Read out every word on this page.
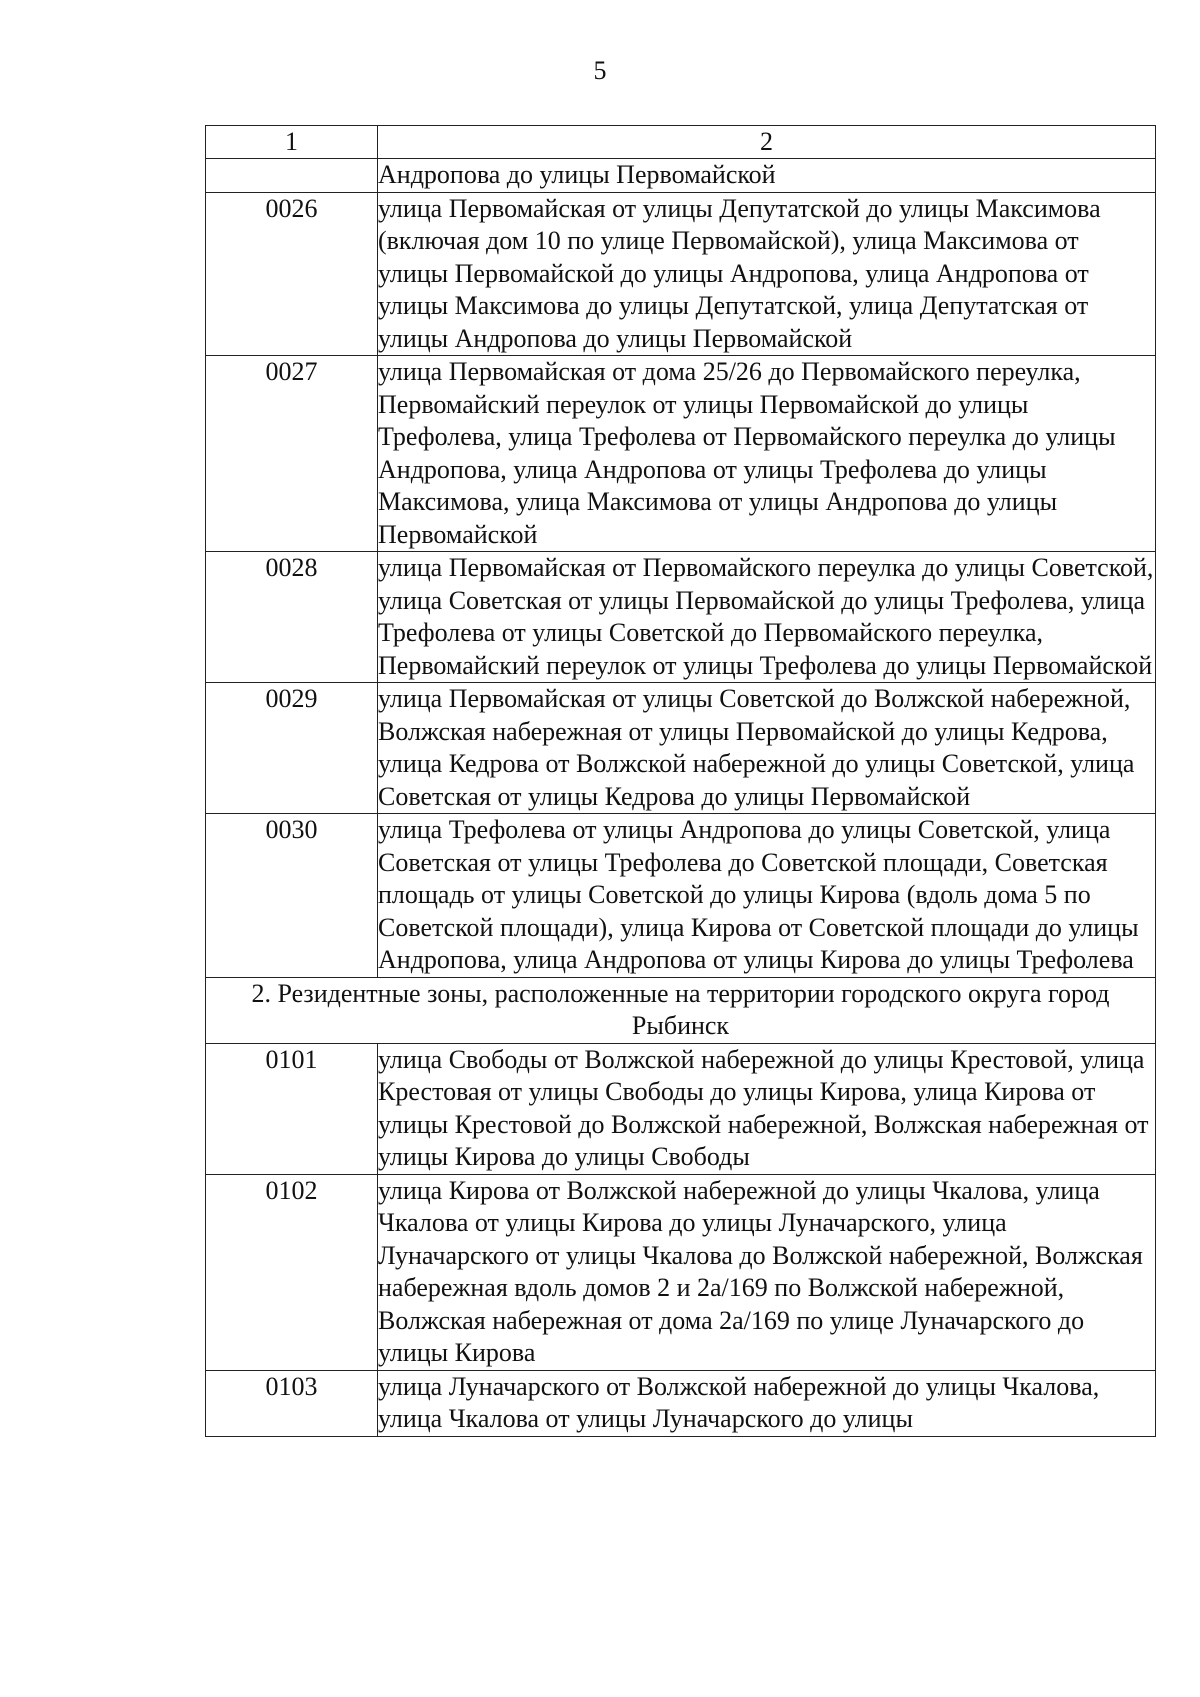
5
1	2
	Андропова до улицы Первомайской
0026	улица Первомайская от улицы Депутатской до улицы Максимова (включая дом 10 по улице Первомайской), улица Максимова от улицы Первомайской до улицы Андропова, улица Андропова от улицы Максимова до улицы Депутатской, улица Депутатская от улицы Андропова до улицы Первомайской
0027	улица Первомайская от дома 25/26 до Первомайского переулка, Первомайский переулок от улицы Первомайской до улицы Трефолева, улица Трефолева от Первомайского переулка до улицы Андропова, улица Андропова от улицы Трефолева до улицы Максимова, улица Максимова от улицы Андропова до улицы Первомайской
0028	улица Первомайская от Первомайского переулка до улицы Советской, улица Советская от улицы Первомайской до улицы Трефолева, улица Трефолева от улицы Советской до Первомайского переулка, Первомайский переулок от улицы Трефолева до улицы Первомайской
0029	улица Первомайская от улицы Советской до Волжской набережной, Волжская набережная от улицы Первомайской до улицы Кедрова, улица Кедрова от Волжской набережной до улицы Советской, улица Советская от улицы Кедрова до улицы Первомайской
0030	улица Трефолева от улицы Андропова до улицы Советской, улица Советская от улицы Трефолева до Советской площади, Советская площадь от улицы Советской до улицы Кирова (вдоль дома 5 по Советской площади), улица Кирова от Советской площади до улицы Андропова, улица Андропова от улицы Кирова до улицы Трефолева
2. Резидентные зоны, расположенные на территории городского округа город Рыбинск	
0101	улица Свободы от Волжской набережной до улицы Крестовой, улица Крестовая от улицы Свободы до улицы Кирова, улица Кирова от улицы Крестовой до Волжской набережной, Волжская набережная от улицы Кирова до улицы Свободы
0102	улица Кирова от Волжской набережной до улицы Чкалова, улица Чкалова от улицы Кирова до улицы Луначарского, улица Луначарского от улицы Чкалова до Волжской набережной, Волжская набережная вдоль домов 2 и 2а/169 по Волжской набережной, Волжская набережная от дома 2а/169 по улице Луначарского до улицы Кирова
0103	улица Луначарского от Волжской набережной до улицы Чкалова, улица Чкалова от улицы Луначарского до улицы
